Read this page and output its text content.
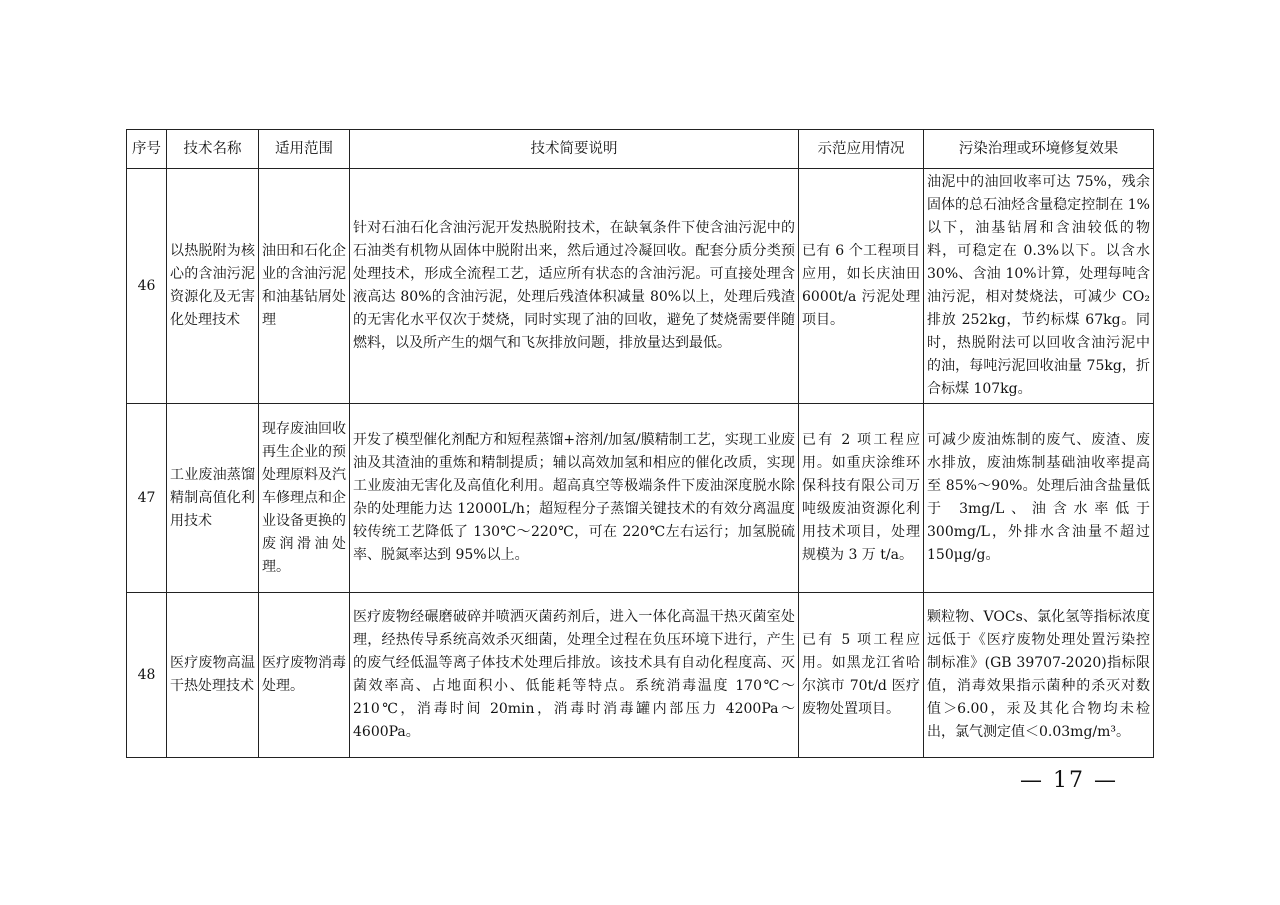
序号	技术名称	适用范围	技术简要说明	示范应用情况	污染治理或环境修复效果
46	以热脱附为核心的含油污泥资源化及无害化处理技术	油田和石化企业的含油污泥和油基钻屑处理	针对石油石化含油污泥开发热脱附技术，在缺氧条件下使含油污泥中的石油类有机物从固体中脱附出来，然后通过冷凝回收。配套分质分类预处理技术，形成全流程工艺，适应所有状态的含油污泥。可直接处理含液高达 80%的含油污泥，处理后残渣体积减量 80%以上，处理后残渣的无害化水平仅次于焚烧，同时实现了油的回收，避免了焚烧需要伴随燃料，以及所产生的烟气和飞灰排放问题，排放量达到最低。	已有 6 个工程项目应用，如长庆油田 6000t/a 污泥处理项目。	油泥中的油回收率可达 75%，残余固体的总石油烃含量稳定控制在 1%以下，油基钻屑和含油较低的物料，可稳定在 0.3%以下。以含水 30%、含油 10%计算，处理每吨含油污泥，相对焚烧法，可减少 CO₂ 排放 252kg，节约标煤 67kg。同时，热脱附法可以回收含油污泥中的油，每吨污泥回收油量 75kg，折合标煤 107kg。
47	工业废油蒸馏精制高值化利用技术	现存废油回收再生企业的预处理原料及汽车修理点和企业设备更换的废润滑油处理。	开发了模型催化剂配方和短程蒸馏+溶剂/加氢/膜精制工艺，实现工业废油及其渣油的重炼和精制提质；辅以高效加氢和相应的催化改质，实现工业废油无害化及高值化利用。超高真空等极端条件下废油深度脱水除杂的处理能力达 12000L/h；超短程分子蒸馏关键技术的有效分离温度较传统工艺降低了 130℃～220℃，可在 220℃左右运行；加氢脱硫率、脱氮率达到 95%以上。	已有 2 项工程应用。如重庆涂维环保科技有限公司万吨级废油资源化利用技术项目，处理规模为 3 万 t/a。	可减少废油炼制的废气、废渣、废水排放，废油炼制基础油收率提高至 85%～90%。处理后油含盐量低于 3mg/L、油含水率低于 300mg/L，外排水含油量不超过 150μg/g。
48	医疗废物高温干热处理技术	医疗废物消毒处理。	医疗废物经碾磨破碎并喷洒灭菌药剂后，进入一体化高温干热灭菌室处理，经热传导系统高效杀灭细菌，处理全过程在负压环境下进行，产生的废气经低温等离子体技术处理后排放。该技术具有自动化程度高、灭菌效率高、占地面积小、低能耗等特点。系统消毒温度 170℃～210℃，消毒时间 20min，消毒时消毒罐内部压力 4200Pa～4600Pa。	已有 5 项工程应用。如黑龙江省哈尔滨市 70t/d 医疗废物处置项目。	颗粒物、VOCs、氯化氢等指标浓度远低于《医疗废物处理处置污染控制标准》(GB 39707-2020)指标限值，消毒效果指示菌种的杀灭对数值＞6.00，汞及其化合物均未检出，氯气测定值＜0.03mg/m³。
— 17 —
